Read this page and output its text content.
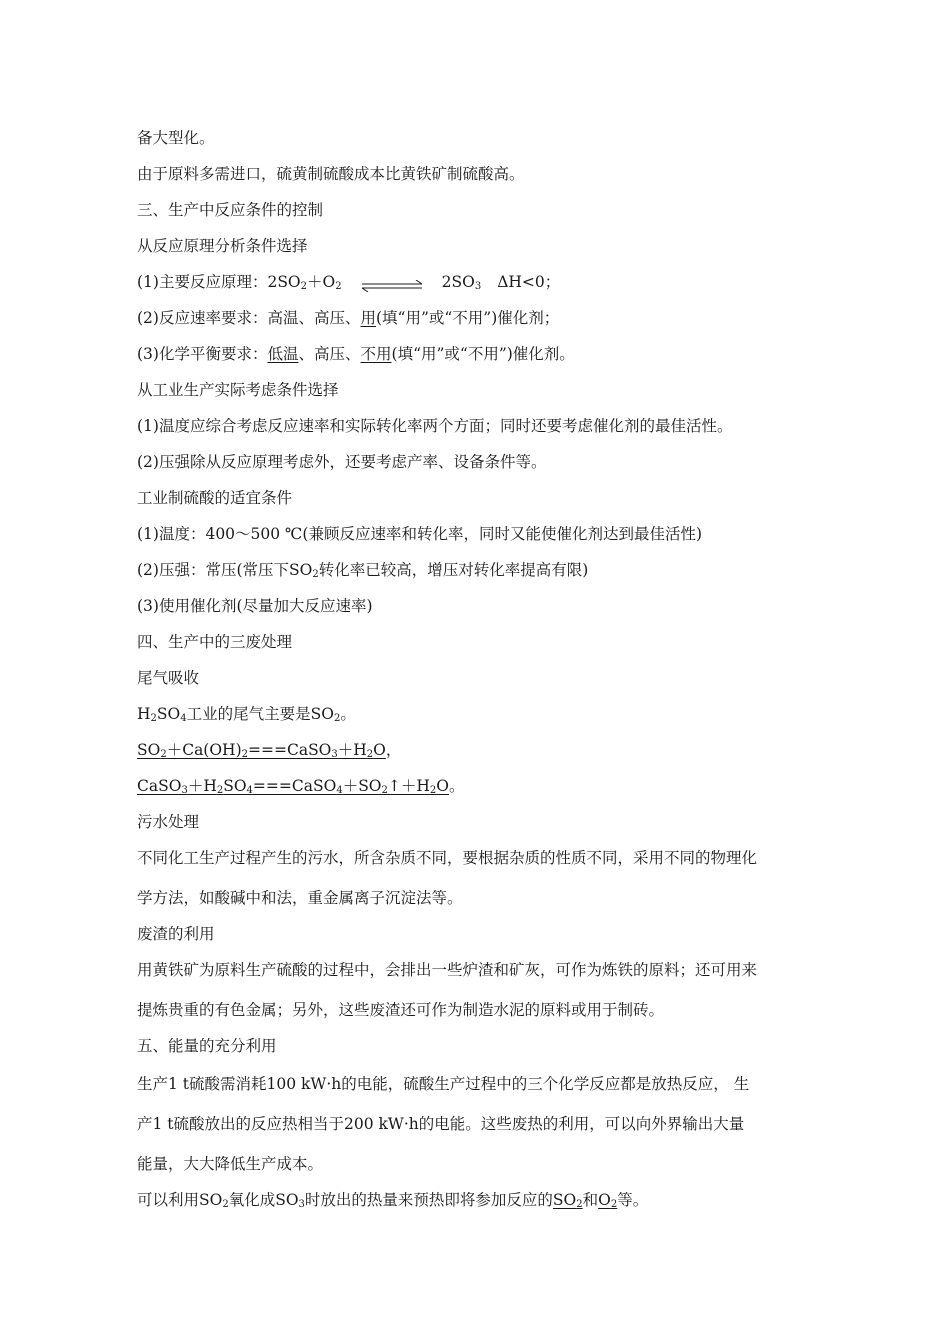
备大型化。
由于原料多需进口，硫黄制硫酸成本比黄铁矿制硫酸高。
三、生产中反应条件的控制
从反应原理分析条件选择
(1)主要反应原理：$2SO_2+O_2$	$2SO_3$ ΔH<0；
(2)反应速率要求：高温、高压、用(填“用”或“不用”)催化剂；
(3)化学平衡要求：低温、高压、不用(填“用”或“不用”)催化剂。
从工业生产实际考虑条件选择
(1)温度应综合考虑反应速率和实际转化率两个方面；同时还要考虑催化剂的最佳活性。
(2)压强除从反应原理考虑外，还要考虑产率、设备条件等。
工业制硫酸的适宜条件
(1)温度：400～500 ℃(兼顾反应速率和转化率，同时又能使催化剂达到最佳活性)
(2)压强：常压(常压下$SO_2$转化率已较高，增压对转化率提高有限)
(3)使用催化剂(尽量加大反应速率)
四、生产中的三废处理
尾气吸收
$H_2SO_4$工业的尾气主要是$SO_2$。
$SO_2+Ca(OH)_2===CaSO_3+H_2O$，
$CaSO_3+H_2SO_4===CaSO_4+SO_2↑+H_2O$。
污水处理
不同化工生产过程产生的污水，所含杂质不同，要根据杂质的性质不同，采用不同的物理化
学方法，如酸碱中和法，重金属离子沉淀法等。
废渣的利用
用黄铁矿为原料生产硫酸的过程中，会排出一些炉渣和矿灰，可作为炼铁的原料；还可用来
提炼贵重的有色金属；另外，这些废渣还可作为制造水泥的原料或用于制砖。
五、能量的充分利用
生产1 t硫酸需消耗100 kW·h的电能，硫酸生产过程中的三个化学反应都是放热反应， 生
产1 t硫酸放出的反应热相当于200 kW·h的电能。这些废热的利用，可以向外界输出大量
能量，大大降低生产成本。
可以利用$SO_2$氧化成$SO_3$时放出的热量来预热即将参加反应的$SO_2$和$O_2$等。
